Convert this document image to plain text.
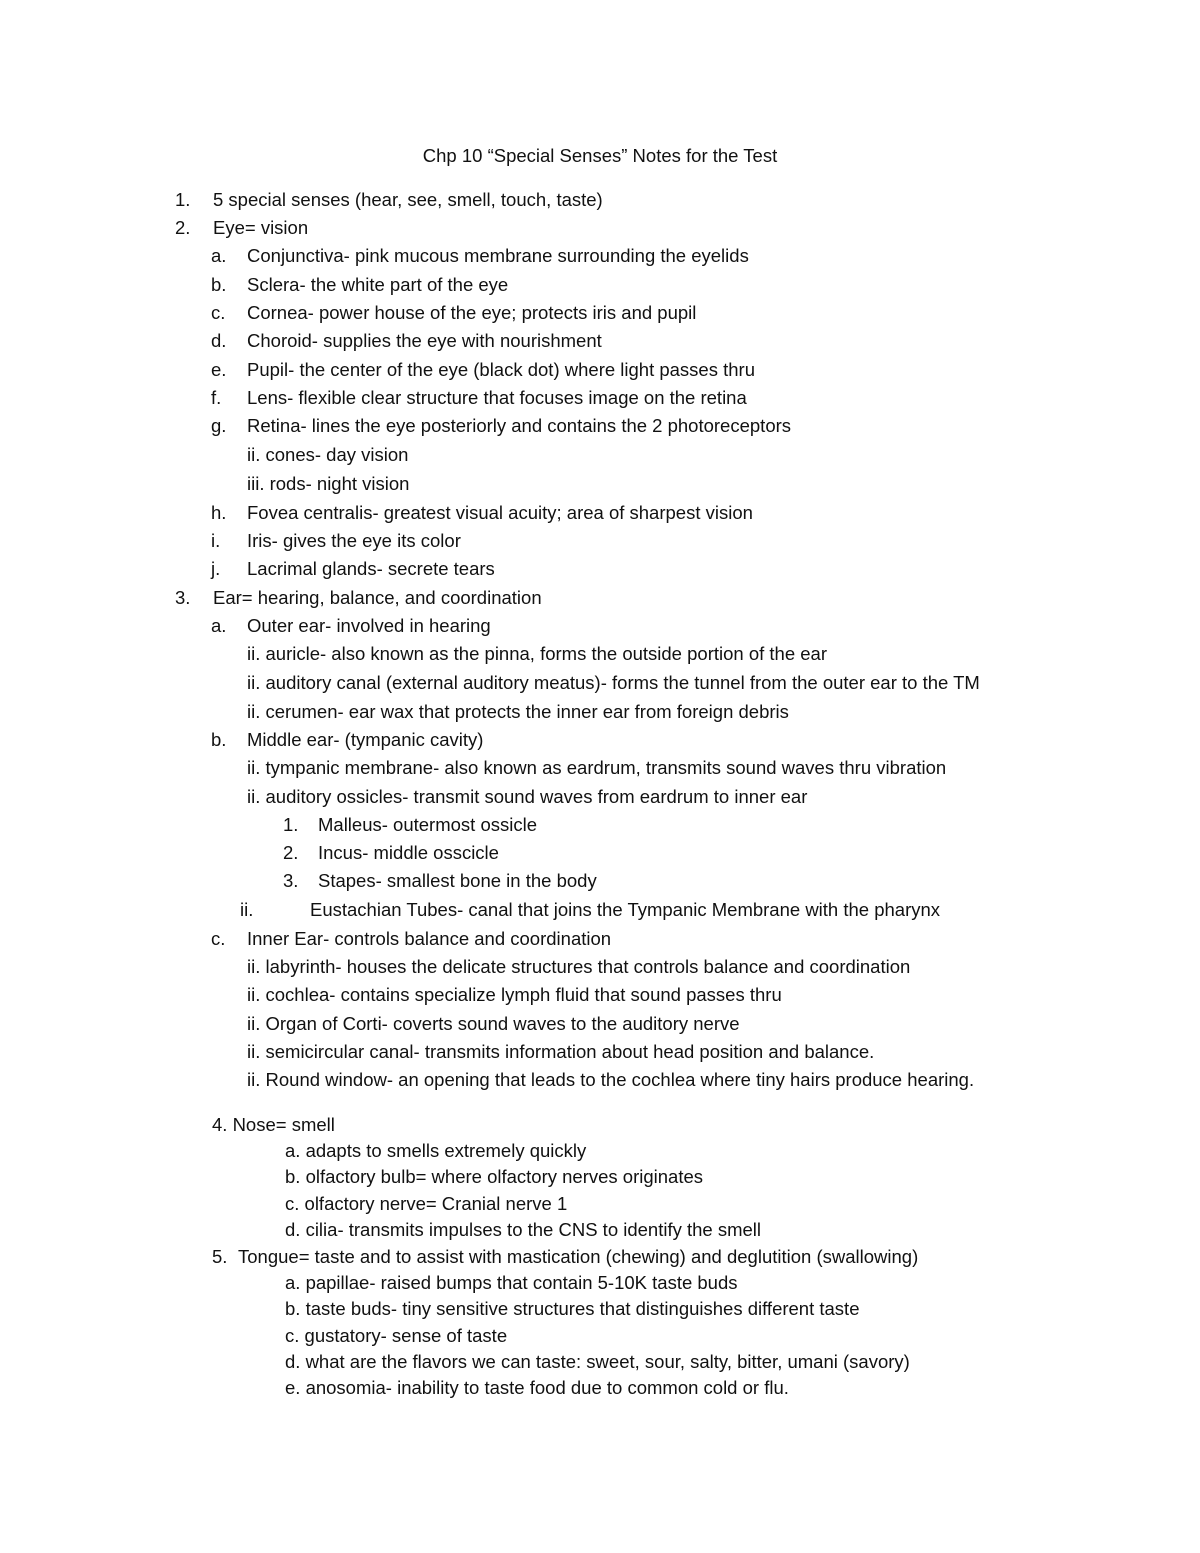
Chp 10 “Special Senses” Notes for the Test
1. 5 special senses (hear, see, smell, touch, taste)
2. Eye= vision
a. Conjunctiva- pink mucous membrane surrounding the eyelids
b. Sclera- the white part of the eye
c. Cornea- power house of the eye; protects iris and pupil
d. Choroid- supplies the eye with nourishment
e. Pupil- the center of the eye (black dot) where light passes thru
f. Lens- flexible clear structure that focuses image on the retina
g. Retina- lines the eye posteriorly and contains the 2 photoreceptors
ii. cones- day vision
iii. rods- night vision
h. Fovea centralis- greatest visual acuity; area of sharpest vision
i. Iris- gives the eye its color
j. Lacrimal glands- secrete tears
3. Ear= hearing, balance, and coordination
a. Outer ear- involved in hearing
ii. auricle- also known as the pinna, forms the outside portion of the ear
ii. auditory canal (external auditory meatus)- forms the tunnel from the outer ear to the TM
ii. cerumen- ear wax that protects the inner ear from foreign debris
b. Middle ear- (tympanic cavity)
ii. tympanic membrane- also known as eardrum, transmits sound waves thru vibration
ii. auditory ossicles- transmit sound waves from eardrum to inner ear
1. Malleus- outermost ossicle
2. Incus- middle osscicle
3. Stapes- smallest bone in the body
ii.	Eustachian Tubes- canal that joins the Tympanic Membrane with the pharynx
c. Inner Ear- controls balance and coordination
ii. labyrinth- houses the delicate structures that controls balance and coordination
ii. cochlea- contains specialize lymph fluid that sound passes thru
ii. Organ of Corti- coverts sound waves to the auditory nerve
ii. semicircular canal- transmits information about head position and balance.
ii. Round window- an opening that leads to the cochlea where tiny hairs produce hearing.
4. Nose= smell
a. adapts to smells extremely quickly
b. olfactory bulb= where olfactory nerves originates
c. olfactory nerve= Cranial nerve 1
d. cilia- transmits impulses to the CNS to identify the smell
5. Tongue= taste and to assist with mastication (chewing) and deglutition (swallowing)
a. papillae- raised bumps that contain 5-10K taste buds
b. taste buds- tiny sensitive structures that distinguishes different taste
c. gustatory- sense of taste
d. what are the flavors we can taste: sweet, sour, salty, bitter, umani (savory)
e. anosomia- inability to taste food due to common cold or flu.
